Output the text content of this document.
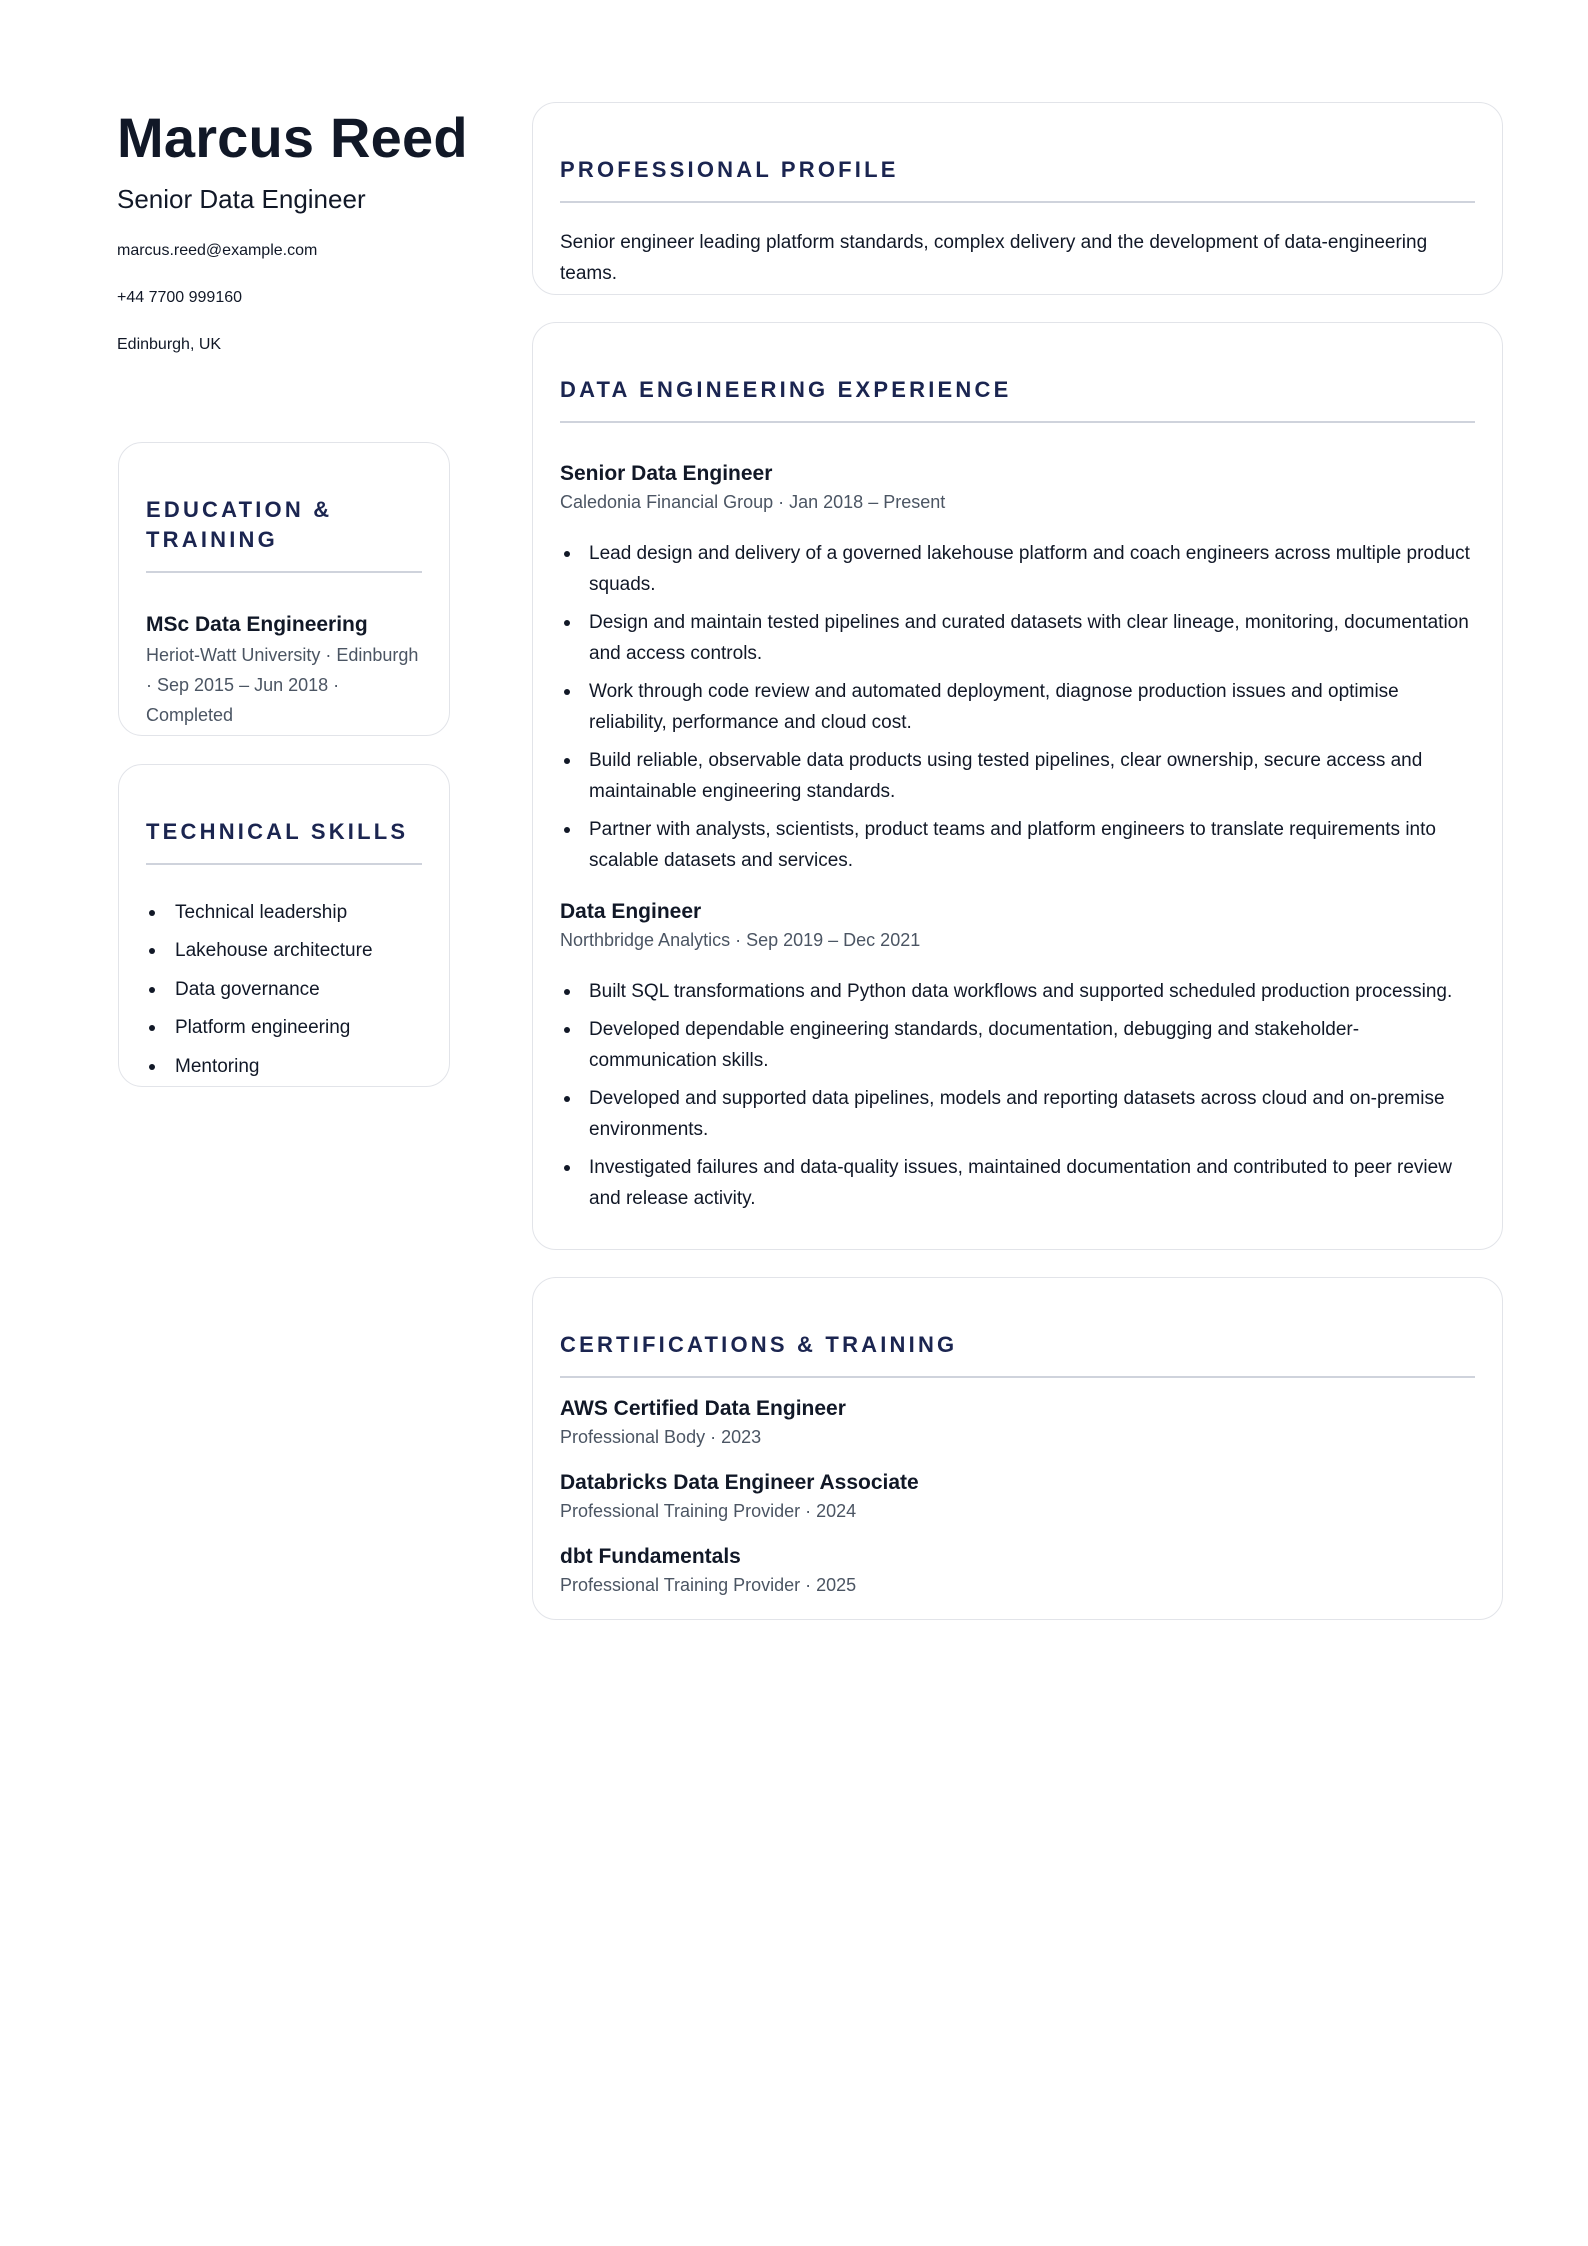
Marcus Reed
Senior Data Engineer
marcus.reed@example.com
+44 7700 999160
Edinburgh, UK
EDUCATION & TRAINING
MSc Data Engineering
Heriot-Watt University · Edinburgh · Sep 2015 – Jun 2018 · Completed
TECHNICAL SKILLS
Technical leadership
Lakehouse architecture
Data governance
Platform engineering
Mentoring
PROFESSIONAL PROFILE

Senior engineer leading platform standards, complex delivery and the development of data-engineering teams.

DATA ENGINEERING EXPERIENCE
Senior Data Engineer
Caledonia Financial Group · Jan 2018 – Present
Lead design and delivery of a governed lakehouse platform and coach engineers across multiple product squads.
Design and maintain tested pipelines and curated datasets with clear lineage, monitoring, documentation and access controls.
Work through code review and automated deployment, diagnose production issues and optimise reliability, performance and cloud cost.
Build reliable, observable data products using tested pipelines, clear ownership, secure access and maintainable engineering standards.
Partner with analysts, scientists, product teams and platform engineers to translate requirements into scalable datasets and services.
Data Engineer
Northbridge Analytics · Sep 2019 – Dec 2021
Built SQL transformations and Python data workflows and supported scheduled production processing.
Developed dependable engineering standards, documentation, debugging and stakeholder-communication skills.
Developed and supported data pipelines, models and reporting datasets across cloud and on-premise environments.
Investigated failures and data-quality issues, maintained documentation and contributed to peer review and release activity.
CERTIFICATIONS & TRAINING
AWS Certified Data Engineer
Professional Body · 2023
Databricks Data Engineer Associate
Professional Training Provider · 2024
dbt Fundamentals
Professional Training Provider · 2025
